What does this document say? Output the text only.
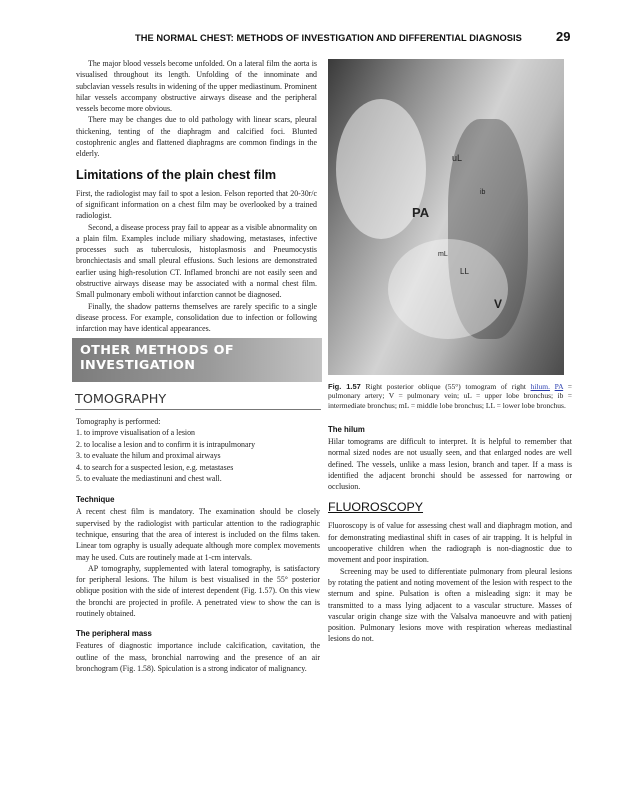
THE NORMAL CHEST: METHODS OF INVESTIGATION AND DIFFERENTIAL DIAGNOSIS	29

The major blood vessels become unfolded. On a lateral film the aorta is visualised throughout its length. Unfolding of the innominate and subclavian vessels results in widening of the upper mediastinum. Prominent hilar vessels accompany obstructive airways disease and the peripheral vessels become more obvious.

There may be changes due to old pathology with linear scars, pleural thickening, tenting of the diaphragm and calcified foci. Blunted costophrenic angles and flattened diaphragms are common findings in the elderly.

Limitations of the plain chest film

First, the radiologist may fail to spot a lesion. Felson reported that 20-30r/c of significant information on a chest film may be overlooked by a trained radiologist.

Second, a disease process pray fail to appear as a visible abnormality on a plain film. Examples include miliary shadowing, metastases, infective processes such as tuberculosis, histoplasmosis and Pneumocystis bronchiectasis and small pleural effusions. Such lesions are demonstrated earlier using high-resolution CT. Inflamed bronchi are not easily seen and obstructive airways disease may be associated with a normal chest film. Small pulmonary emboli without infarction cannot be diagnosed.

Finally, the shadow patterns themselves are rarely specific to a single disease process. For example, consolidation due to infection or following infarction may have identical appearances.

OTHER METHODS OF
INVESTIGATION
TOMOGRAPHY

Tomography is performed:

1. to improve visualisation of a lesion
2. to localise a lesion and to confirm it is intrapulmonary
3. to evaluate the hilum and proximal airways
4. to search for a suspected lesion, e.g. metastases
5. to evaluate the mediastinuni and chest wall.
Technique

A recent chest film is mandatory. The examination should be closely supervised by the radiologist with particular attention to the radiographic technique, ensuring that the area of interest is included on the films taken. Linear tom ography is usually adequate although more complex movements may he used. Cuts are routinely made at 1-cm intervals.

AP tomography, supplemented with lateral tomography, is satisfactory for peripheral lesions. The hilum is best visualised in the 55° posterior oblique position with the side of interest dependent (Fig. 1.57). On this view the bronchi are projected in profile. A penetrated view to show the can is routinely obtained.

The peripheral mass

Features of diagnostic importance include calcification, cavitation, the outline of the mass, bronchial narrowing and the presence of an air bronchogram (Fig. 1.58). Spiculation is a strong indicator of malignancy.

uL
ib
PA
mL
LL
V

Fig. 1.57 Right posterior oblique (55°) tomogram of right hilum. PA = pulmonary artery; V = pulmonary vein; uL = upper lobe bronchus; ib = intermediate bronchus; mL = middle lobe bronchus; LL = lower lobe bronchus.

The hilum

Hilar tomograms are difficult to interpret. It is helpful to remember that normal sized nodes are not usually seen, and that enlarged nodes are well defined. The vessels, unlike a mass lesion, branch and taper. If a mass is identified the adjacent bronchi should be assessed for narrowing or occlusion.

FLUOROSCOPY

Fluoroscopy is of value for assessing chest wall and diaphragm motion, and for demonstrating mediastinal shift in cases of air trapping. It is helpful in uncooperative children when the radiograph is non-diagnostic due to movement and poor inspiration.

Screening may be used to differentiate pulmonary from pleural lesions by rotating the patient and noting movement of the lesion with respect to the sternum and spine. Pulsation is often a misleading sign: it may be transmitted to a mass lying adjacent to a vascular structure. Masses of vascular origin change size with the Valsalva manoeuvre and with patienj position. Pulmonary lesions move with respiration whereas mediastinal lesions do not.
